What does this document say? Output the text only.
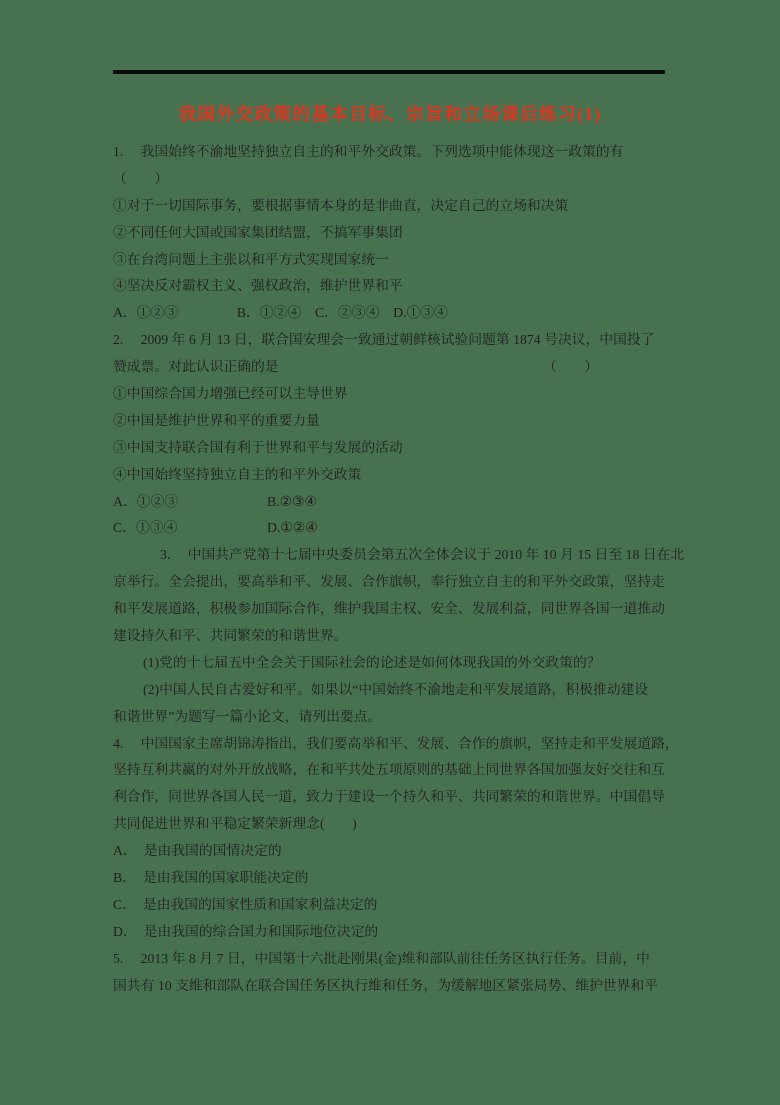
我国外交政策的基本目标、宗旨和立场课后练习(1)
1.　 我国始终不渝地坚持独立自主的和平外交政策。下列选项中能体现这一政策的有
（　　）
①对于一切国际事务，要根据事情本身的是非曲直，决定自己的立场和决策
②不同任何大国或国家集团结盟，不搞军事集团
③在台湾问题上主张以和平方式实现国家统一
④坚决反对霸权主义、强权政治，维护世界和平
A．①②③　　　　 B．①②④　C．②③④　D.①③④
2.　 2009 年 6 月 13 日，联合国安理会一致通过朝鲜核试验问题第 1874 号决议，中国投了
赞成票。对此认识正确的是	（　　）
①中国综合国力增强已经可以主导世界
②中国是维护世界和平的重要力量
③中国支持联合国有利于世界和平与发展的活动
④中国始终坚持独立自主的和平外交政策
A．①②③	B.②③④
C．①③④	D.①②④
3．　中国共产党第十七届中央委员会第五次全体会议于 2010 年 10 月 15 日至 18 日在北
京举行。全会提出，要高举和平、发展、合作旗帜，奉行独立自主的和平外交政策，坚持走
和平发展道路，积极参加国际合作，维护我国主权、安全、发展利益，同世界各国一道推动
建设持久和平、共同繁荣的和谐世界。
(1)党的十七届五中全会关于国际社会的论述是如何体现我国的外交政策的？
(2)中国人民自古爱好和平。如果以“中国始终不渝地走和平发展道路，积极推动建设
和谐世界”为题写一篇小论文，请列出要点。
4.　 中国国家主席胡锦涛指出，我们要高举和平、发展、合作的旗帜，坚持走和平发展道路，
坚持互利共赢的对外开放战略，在和平共处五项原则的基础上同世界各国加强友好交往和互
利合作，同世界各国人民一道，致力于建设一个持久和平、共同繁荣的和谐世界。中国倡导
共同促进世界和平稳定繁荣新理念(　　)
A．　是由我国的国情决定的
B．　是由我国的国家职能决定的
C．　是由我国的国家性质和国家利益决定的
D．　是由我国的综合国力和国际地位决定的
5.　 2013 年 8 月 7 日，中国第十六批赴刚果(金)维和部队前往任务区执行任务。目前，中
国共有 10 支维和部队在联合国任务区执行维和任务，为缓解地区紧张局势、维护世界和平
